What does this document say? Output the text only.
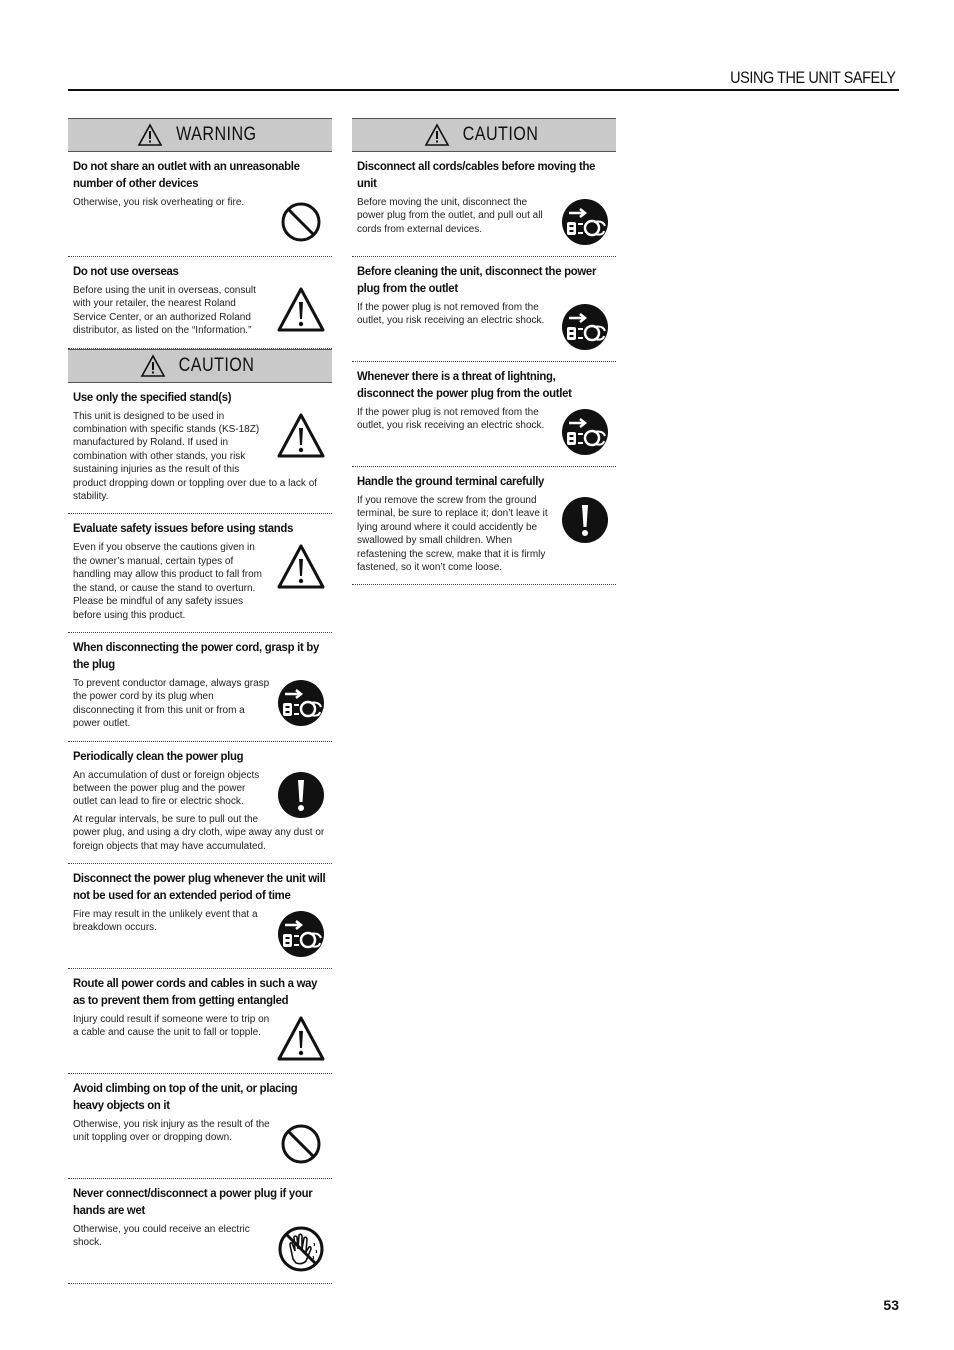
USING THE UNIT SAFELY
WARNING
Do not share an outlet with an unreasonable number of other devices

Otherwise, you risk overheating or fire.

Do not use overseas

Before using the unit in overseas, consult with your retailer, the nearest Roland Service Center, or an authorized Roland distributor, as listed on the “Information.”

CAUTION
Use only the specified stand(s)

This unit is designed to be used in combination with specific stands (KS-18Z) manufactured by Roland. If used in combination with other stands, you risk sustaining injuries as the result of this product dropping down or toppling over due to a lack of stability.

Evaluate safety issues before using stands

Even if you observe the cautions given in the owner’s manual, certain types of handling may allow this product to fall from the stand, or cause the stand to overturn. Please be mindful of any safety issues before using this product.

When disconnecting the power cord, grasp it by the plug

To prevent conductor damage, always grasp the power cord by its plug when disconnecting it from this unit or from a power outlet.

Periodically clean the power plug

An accumulation of dust or foreign objects between the power plug and the power outlet can lead to fire or electric shock.

At regular intervals, be sure to pull out the power plug, and using a dry cloth, wipe away any dust or foreign objects that may have accumulated.

Disconnect the power plug whenever the unit will not be used for an extended period of time

Fire may result in the unlikely event that a breakdown occurs.

Route all power cords and cables in such a way as to prevent them from getting entangled

Injury could result if someone were to trip on a cable and cause the unit to fall or topple.

Avoid climbing on top of the unit, or placing heavy objects on it

Otherwise, you risk injury as the result of the unit toppling over or dropping down.

Never connect/disconnect a power plug if your hands are wet

Otherwise, you could receive an electric shock.

CAUTION
Disconnect all cords/cables before moving the unit

Before moving the unit, disconnect the power plug from the outlet, and pull out all cords from external devices.

Before cleaning the unit, disconnect the power plug from the outlet

If the power plug is not removed from the outlet, you risk receiving an electric shock.

Whenever there is a threat of lightning, disconnect the power plug from the outlet

If the power plug is not removed from the outlet, you risk receiving an electric shock.

Handle the ground terminal carefully

If you remove the screw from the ground terminal, be sure to replace it; don’t leave it lying around where it could accidently be swallowed by small children. When refastening the screw, make that it is firmly fastened, so it won’t come loose.

53
